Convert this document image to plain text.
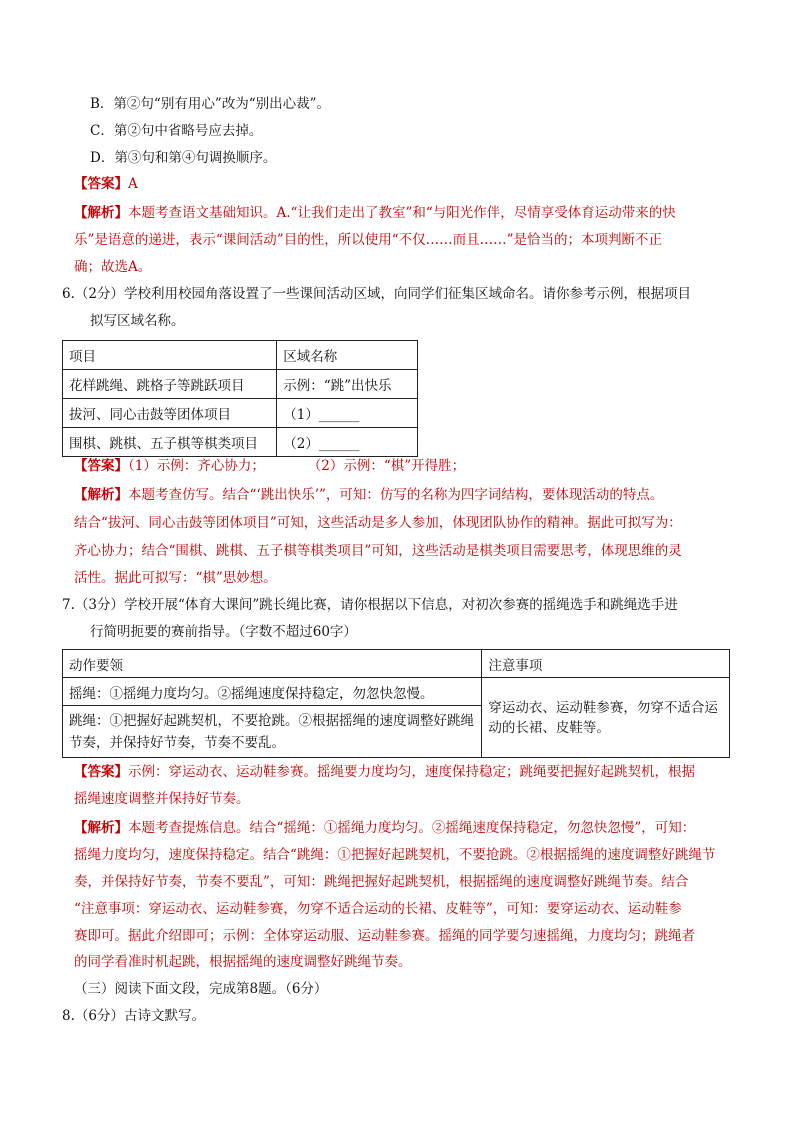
B．第②句“别有用心”改为“别出心裁”。
C．第②句中省略号应去掉。
D．第③句和第④句调换顺序。
【答案】A
【解析】本题考查语文基础知识。A.“让我们走出了教室”和“与阳光作伴，尽情享受体育运动带来的快
乐”是语意的递进，表示“课间活动”目的性，所以使用“不仅……而且……”是恰当的；本项判断不正
确；故选A。
6.（2分）学校利用校园角落设置了一些课间活动区域，向同学们征集区域命名。请你参考示例，根据项目
拟写区域名称。
项目	区域名称
花样跳绳、跳格子等跳跃项目	示例：“跳”出快乐
拔河、同心击鼓等团体项目	（1）______
围棋、跳棋、五子棋等棋类项目	（2）______
【答案】（1）示例：齐心协力；          （2）示例：“棋”开得胜；
【解析】本题考查仿写。结合“‘跳出快乐’”，可知：仿写的名称为四字词结构，要体现活动的特点。
结合“拔河、同心击鼓等团体项目”可知，这些活动是多人参加，体现团队协作的精神。据此可拟写为：
齐心协力；结合“围棋、跳棋、五子棋等棋类项目”可知，这些活动是棋类项目需要思考，体现思维的灵
活性。据此可拟写：“棋”思妙想。
7.（3分）学校开展“体育大课间”跳长绳比赛，请你根据以下信息，对初次参赛的摇绳选手和跳绳选手进
行简明扼要的赛前指导。（字数不超过60字）
动作要领	注意事项
摇绳：①摇绳力度均匀。②摇绳速度保持稳定，勿忽快忽慢。	穿运动衣、运动鞋参赛，勿穿不适合运
动的长裙、皮鞋等。

跳绳：①把握好起跳契机，不要抢跳。②根据摇绳的速度调整好跳绳
节奏，并保持好节奏，节奏不要乱。	
【答案】示例：穿运动衣、运动鞋参赛。摇绳要力度均匀，速度保持稳定；跳绳要把握好起跳契机，根据
摇绳速度调整并保持好节奏。
【解析】本题考查提炼信息。结合“摇绳：①摇绳力度均匀。②摇绳速度保持稳定，勿忽快忽慢”，可知：
摇绳力度均匀，速度保持稳定。结合“跳绳：①把握好起跳契机，不要抢跳。②根据摇绳的速度调整好跳绳节
奏，并保持好节奏，节奏不要乱”，可知：跳绳把握好起跳契机，根据摇绳的速度调整好跳绳节奏。结合
“注意事项：穿运动衣、运动鞋参赛，勿穿不适合运动的长裙、皮鞋等”，可知：要穿运动衣、运动鞋参
赛即可。据此介绍即可；示例：全体穿运动服、运动鞋参赛。摇绳的同学要匀速摇绳，力度均匀；跳绳者
的同学看准时机起跳，根据摇绳的速度调整好跳绳节奏。
（三）阅读下面文段，完成第8题。（6分）
8.（6分）古诗文默写。
